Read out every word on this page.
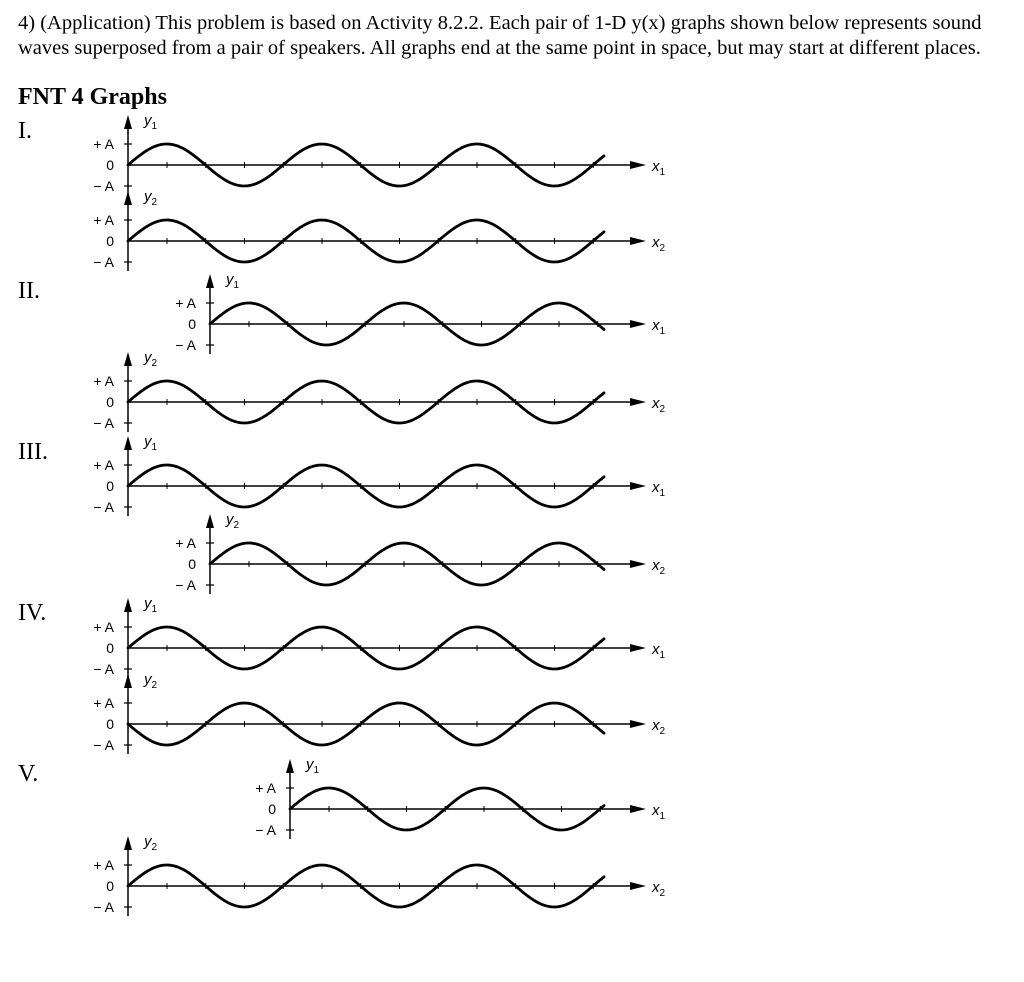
4) (Application) This problem is based on Activity 8.2.2. Each pair of 1-D y(x) graphs shown below represents sound waves superposed from a pair of speakers. All graphs end at the same point in space, but may start at different places.
FNT 4 Graphs
I.
II.
III.
IV.
V.
+ A
0
− A
$y_1$
$x_1$
+ A
0
− A
$y_2$
$x_2$
+ A
0
− A
$y_1$
$x_1$
+ A
0
− A
$y_2$
$x_2$
+ A
0
− A
$y_1$
$x_1$
+ A
0
− A
$y_2$
$x_2$
+ A
0
− A
$y_1$
$x_1$
+ A
0
− A
$y_2$
$x_2$
+ A
0
− A
$y_1$
$x_1$
+ A
0
− A
$y_2$
$x_2$
